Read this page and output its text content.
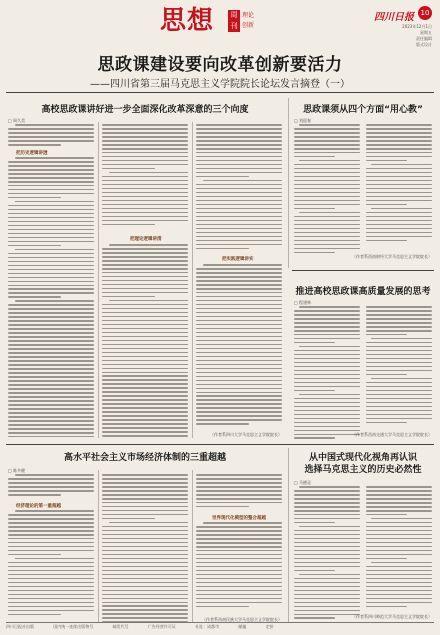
思想	周刊
理论
创新
四川日报 10
2023年12月1日
星期五
责任编辑
版式设计
思政课建设要向改革创新要活力
——四川省第三届马克思主义学院院长论坛发言摘登（一）
高校思政课讲好进一步全面深化改革深意的三个向度
□ 周久美
把历史逻辑讲透
把理论逻辑讲清
把实践逻辑讲实
（作者系四川大学马克思主义学院院长）
思政课须从四个方面“用心教”
□ 刘迎春
（作者系西南财经大学马克思主义学院院长）
推进高校思政课高质量发展的思考
□ 程建林
（作者系西南交通大学马克思主义学院院长）
高水平社会主义市场经济体制的三重超越
□ 陈多健
经济理论的第一重超越
世界现代化模型的整合超越
（作者系西南民族大学马克思主义学院院长）
从中国式现代化视角再认识
选择马克思主义的历史必然性
□ 马德灵
（作者系四川师范大学马克思主义学院院长）
四川日报社出版	国内统一连续出版物号	邮发代号	广告经营许可证	社址：成都市	邮编	定价
